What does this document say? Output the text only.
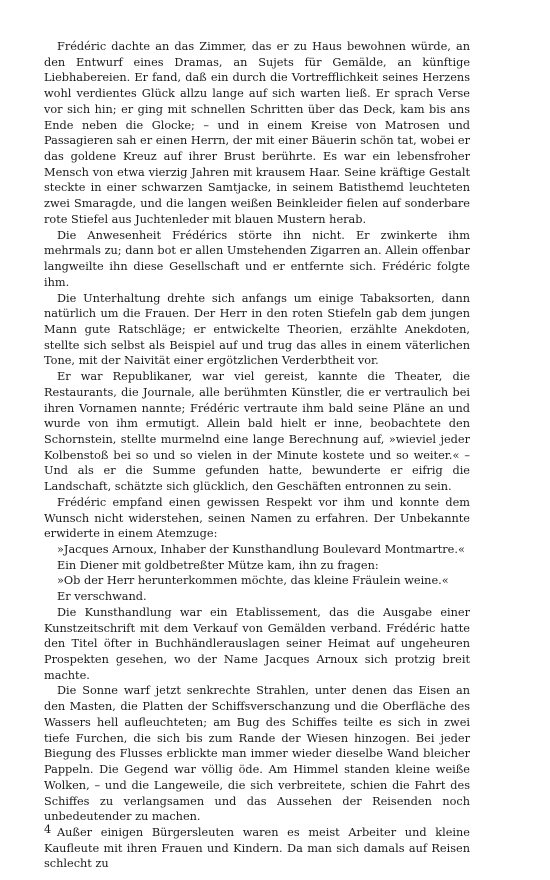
Frédéric dachte an das Zimmer, das er zu Haus bewohnen würde, an den Entwurf eines Dramas, an Sujets für Gemälde, an künftige Liebhabereien. Er fand, daß ein durch die Vortrefflichkeit seines Herzens wohl verdientes Glück allzu lange auf sich warten ließ. Er sprach Verse vor sich hin; er ging mit schnellen Schritten über das Deck, kam bis ans Ende neben die Glocke; – und in einem Kreise von Matrosen und Passagieren sah er einen Herrn, der mit einer Bäuerin schön tat, wobei er das goldene Kreuz auf ihrer Brust berührte. Es war ein lebensfroher Mensch von etwa vierzig Jahren mit krausem Haar. Seine kräftige Gestalt steckte in einer schwarzen Samtjacke, in seinem Batisthemd leuchteten zwei Smaragde, und die langen weißen Beinkleider fielen auf sonderbare rote Stiefel aus Juchtenleder mit blauen Mustern herab.

Die Anwesenheit Frédérics störte ihn nicht. Er zwinkerte ihm mehrmals zu; dann bot er allen Umstehenden Zigarren an. Allein offenbar langweilte ihn diese Gesellschaft und er entfernte sich. Frédéric folgte ihm.

Die Unterhaltung drehte sich anfangs um einige Tabaksorten, dann natürlich um die Frauen. Der Herr in den roten Stiefeln gab dem jungen Mann gute Ratschläge; er entwickelte Theorien, erzählte Anekdoten, stellte sich selbst als Beispiel auf und trug das alles in einem väterlichen Tone, mit der Naivität einer ergötzlichen Verderbtheit vor.

Er war Republikaner, war viel gereist, kannte die Theater, die Restaurants, die Journale, alle berühmten Künstler, die er vertraulich bei ihren Vornamen nannte; Frédéric vertraute ihm bald seine Pläne an und wurde von ihm ermutigt. Allein bald hielt er inne, beobachtete den Schornstein, stellte murmelnd eine lange Berechnung auf, »wieviel jeder Kolbenstoß bei so und so vielen in der Minute kostete und so weiter.« – Und als er die Summe gefunden hatte, bewunderte er eifrig die Landschaft, schätzte sich glücklich, den Geschäften entronnen zu sein.

Frédéric empfand einen gewissen Respekt vor ihm und konnte dem Wunsch nicht widerstehen, seinen Namen zu erfahren. Der Unbekannte erwiderte in einem Atemzuge:

»Jacques Arnoux, Inhaber der Kunsthandlung Boulevard Montmartre.«

Ein Diener mit goldbetreßter Mütze kam, ihn zu fragen:

»Ob der Herr herunterkommen möchte, das kleine Fräulein weine.«

Er verschwand.

Die Kunsthandlung war ein Etablissement, das die Ausgabe einer Kunstzeitschrift mit dem Verkauf von Gemälden verband. Frédéric hatte den Titel öfter in Buchhändlerauslagen seiner Heimat auf ungeheuren Prospekten gesehen, wo der Name Jacques Arnoux sich protzig breit machte.

Die Sonne warf jetzt senkrechte Strahlen, unter denen das Eisen an den Masten, die Platten der Schiffsverschanzung und die Oberfläche des Wassers hell aufleuchteten; am Bug des Schiffes teilte es sich in zwei tiefe Furchen, die sich bis zum Rande der Wiesen hinzogen. Bei jeder Biegung des Flusses erblickte man immer wieder dieselbe Wand bleicher Pappeln. Die Gegend war völlig öde. Am Himmel standen kleine weiße Wolken, – und die Langeweile, die sich verbreitete, schien die Fahrt des Schiffes zu verlangsamen und das Aussehen der Reisenden noch unbedeutender zu machen.

Außer einigen Bürgersleuten waren es meist Arbeiter und kleine Kaufleute mit ihren Frauen und Kindern. Da man sich damals auf Reisen schlecht zu

4
